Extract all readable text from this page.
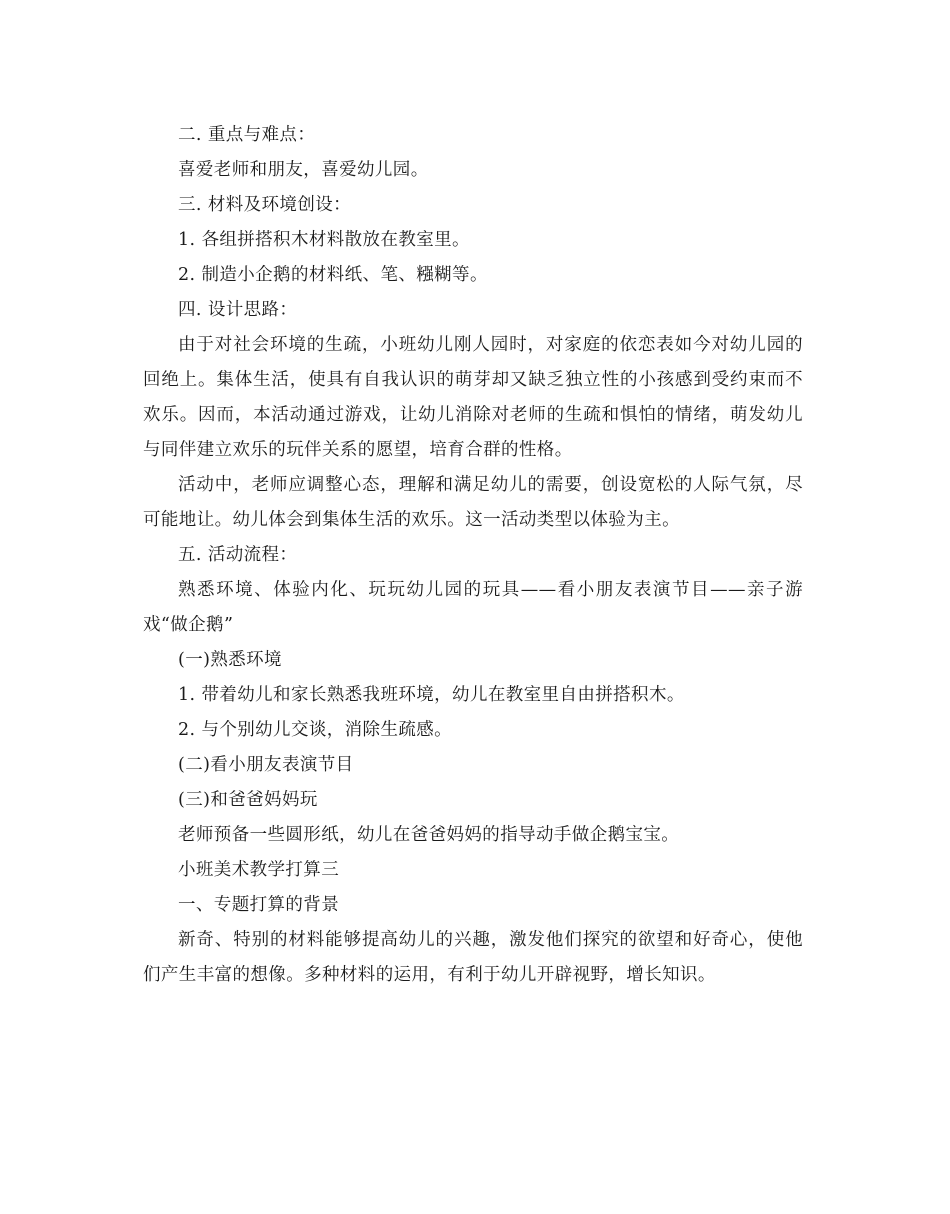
二. 重点与难点：

喜爱老师和朋友，喜爱幼儿园。

三. 材料及环境创设：

1. 各组拼搭积木材料散放在教室里。

2. 制造小企鹅的材料纸、笔、糨糊等。

四. 设计思路：

由于对社会环境的生疏，小班幼儿刚人园时，对家庭的依恋表如今对幼儿园的回绝上。集体生活，使具有自我认识的萌芽却又缺乏独立性的小孩感到受约束而不欢乐。因而，本活动通过游戏，让幼儿消除对老师的生疏和惧怕的情绪，萌发幼儿与同伴建立欢乐的玩伴关系的愿望，培育合群的性格。

活动中，老师应调整心态，理解和满足幼儿的需要，创设宽松的人际气氛，尽可能地让。幼儿体会到集体生活的欢乐。这一活动类型以体验为主。

五. 活动流程：

熟悉环境、体验内化、玩玩幼儿园的玩具——看小朋友表演节目——亲子游戏“做企鹅”

(一)熟悉环境

1. 带着幼儿和家长熟悉我班环境，幼儿在教室里自由拼搭积木。

2. 与个别幼儿交谈，消除生疏感。

(二)看小朋友表演节目

(三)和爸爸妈妈玩

老师预备一些圆形纸，幼儿在爸爸妈妈的指导动手做企鹅宝宝。

小班美术教学打算三

一、专题打算的背景

新奇、特别的材料能够提高幼儿的兴趣，激发他们探究的欲望和好奇心，使他们产生丰富的想像。多种材料的运用，有利于幼儿开辟视野，增长知识。
